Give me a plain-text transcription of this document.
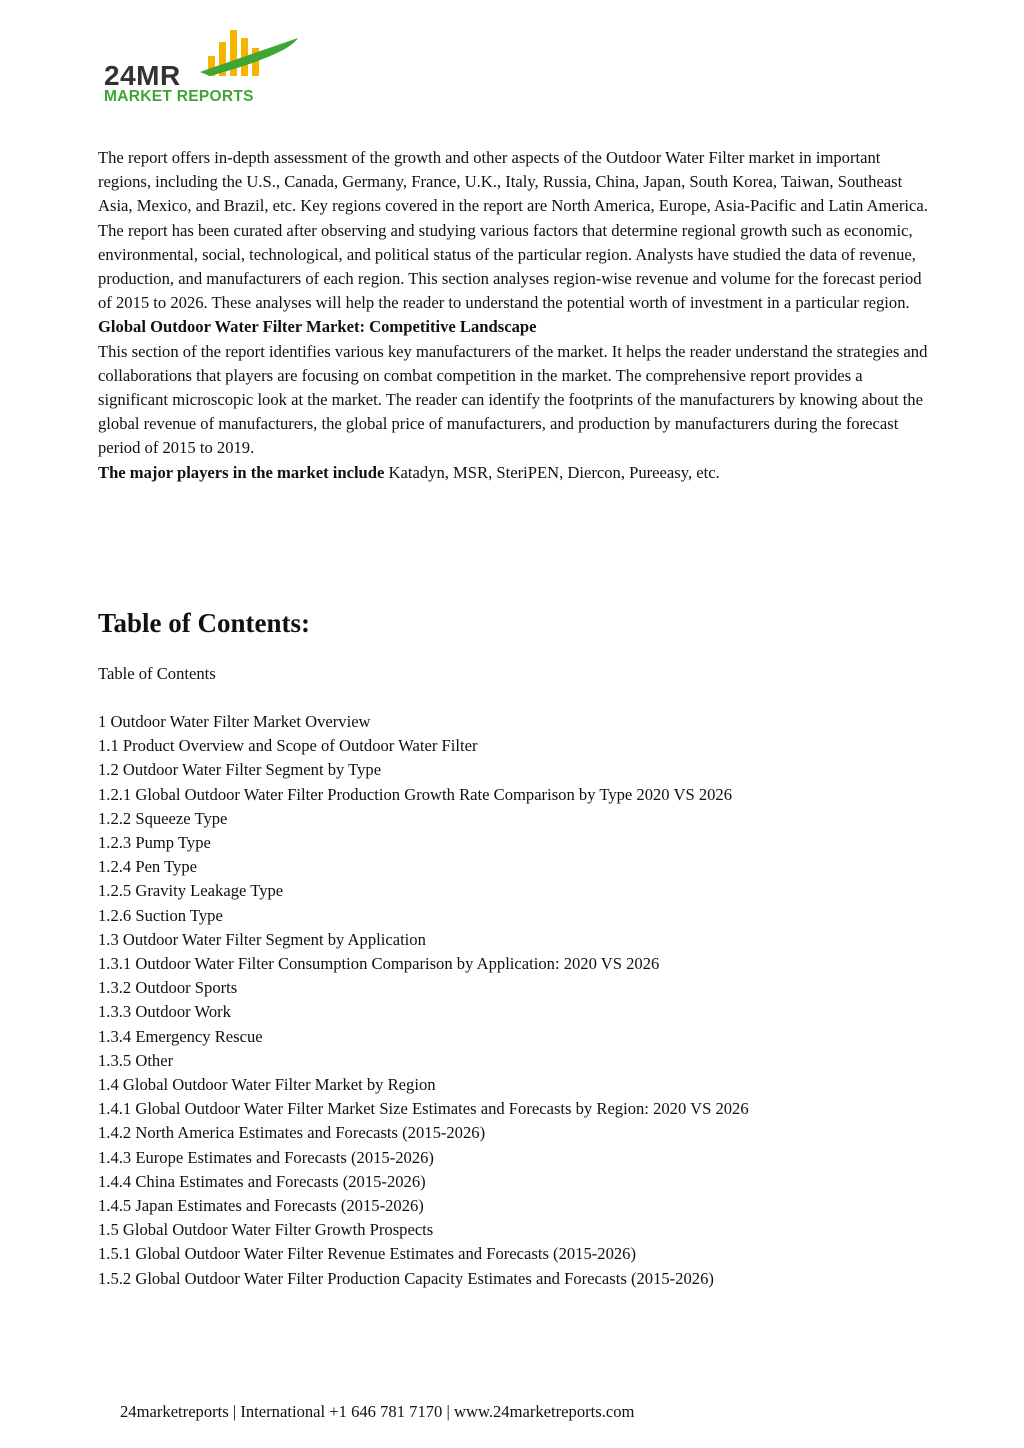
24MR
MARKET REPORTS

The report offers in-depth assessment of the growth and other aspects of the Outdoor Water Filter market in important regions, including the U.S., Canada, Germany, France, U.K., Italy, Russia, China, Japan, South Korea, Taiwan, Southeast Asia, Mexico, and Brazil, etc. Key regions covered in the report are North America, Europe, Asia-Pacific and Latin America.

The report has been curated after observing and studying various factors that determine regional growth such as economic, environmental, social, technological, and political status of the particular region. Analysts have studied the data of revenue, production, and manufacturers of each region. This section analyses region-wise revenue and volume for the forecast period of 2015 to 2026. These analyses will help the reader to understand the potential worth of investment in a particular region.

Global Outdoor Water Filter Market: Competitive Landscape

This section of the report identifies various key manufacturers of the market. It helps the reader understand the strategies and collaborations that players are focusing on combat competition in the market. The comprehensive report provides a significant microscopic look at the market. The reader can identify the footprints of the manufacturers by knowing about the global revenue of manufacturers, the global price of manufacturers, and production by manufacturers during the forecast period of 2015 to 2019.

The major players in the market include Katadyn, MSR, SteriPEN, Diercon, Pureeasy, etc.

Table of Contents:
Table of Contents
1 Outdoor Water Filter Market Overview
1.1 Product Overview and Scope of Outdoor Water Filter
1.2 Outdoor Water Filter Segment by Type
1.2.1 Global Outdoor Water Filter Production Growth Rate Comparison by Type 2020 VS 2026
1.2.2 Squeeze Type
1.2.3 Pump Type
1.2.4 Pen Type
1.2.5 Gravity Leakage Type
1.2.6 Suction Type
1.3 Outdoor Water Filter Segment by Application
1.3.1 Outdoor Water Filter Consumption Comparison by Application: 2020 VS 2026
1.3.2 Outdoor Sports
1.3.3 Outdoor Work
1.3.4 Emergency Rescue
1.3.5 Other
1.4 Global Outdoor Water Filter Market by Region
1.4.1 Global Outdoor Water Filter Market Size Estimates and Forecasts by Region: 2020 VS 2026
1.4.2 North America Estimates and Forecasts (2015-2026)
1.4.3 Europe Estimates and Forecasts (2015-2026)
1.4.4 China Estimates and Forecasts (2015-2026)
1.4.5 Japan Estimates and Forecasts (2015-2026)
1.5 Global Outdoor Water Filter Growth Prospects
1.5.1 Global Outdoor Water Filter Revenue Estimates and Forecasts (2015-2026)
1.5.2 Global Outdoor Water Filter Production Capacity Estimates and Forecasts (2015-2026)
24marketreports | International +1 646 781 7170 | www.24marketreports.com
